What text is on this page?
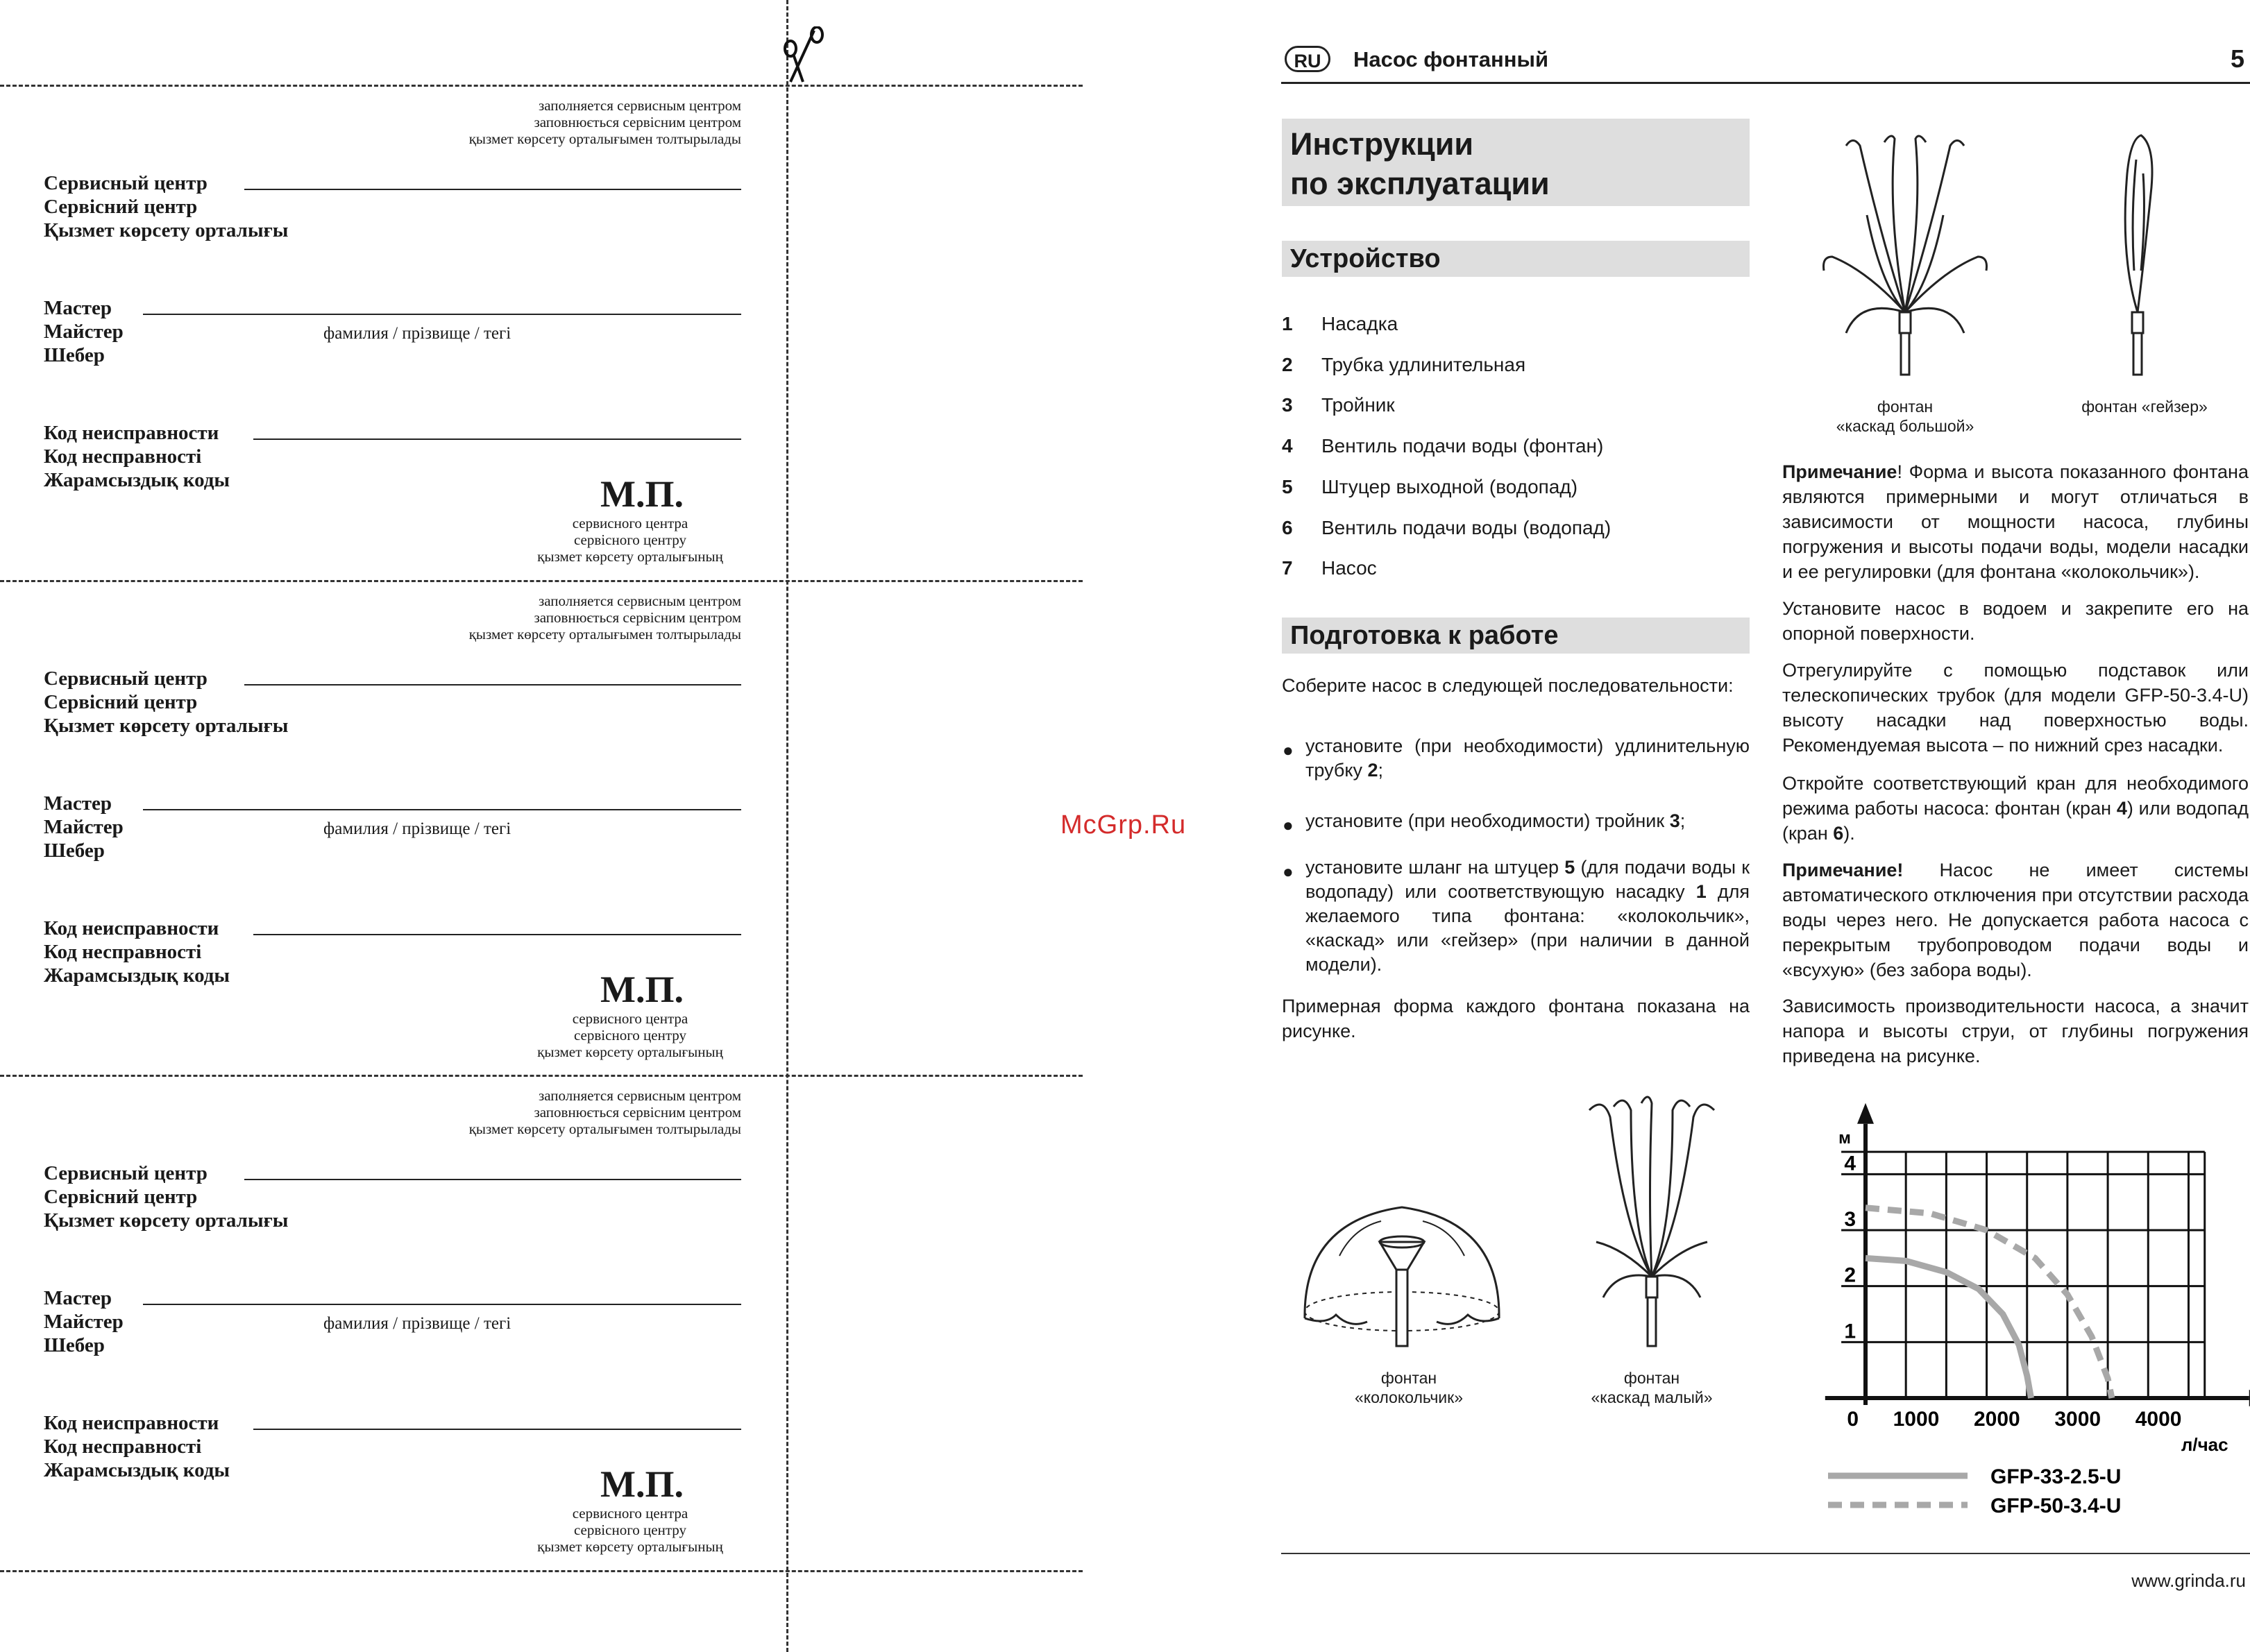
заполняется сервисным центром
заповнюється сервісним центром
қызмет көрсету орталығымен толтырылады
Сервисный центр
Сервісний центр
Қызмет көрсету орталығы
Мастер
Майстер
Шебер
фамилия / прізвище / тегі
Код неисправности
Код несправності
Жарамсыздық коды	М.П.
сервисного центра
сервісного центру
қызмет көрсету орталығының
заполняется сервисным центром
заповнюється сервісним центром
қызмет көрсету орталығымен толтырылады
Сервисный центр
Сервісний центр
Қызмет көрсету орталығы
Мастер
Майстер
Шебер
фамилия / прізвище / тегі
Код неисправности
Код несправності
Жарамсыздық коды	М.П.
сервисного центра
сервісного центру
қызмет көрсету орталығының
заполняется сервисным центром
заповнюється сервісним центром
қызмет көрсету орталығымен толтырылады
Сервисный центр
Сервісний центр
Қызмет көрсету орталығы
Мастер
Майстер
Шебер
фамилия / прізвище / тегі
Код неисправности
Код несправності
Жарамсыздық коды	М.П.
сервисного центра
сервісного центру
қызмет көрсету орталығының
RU	Насос фонтанный	5
Инструкции
по эксплуатации
Устройство
1 Насадка
2 Трубка удлинительная
3 Тройник
4 Вентиль подачи воды (фонтан)
5 Штуцер выходной (водопад)
6 Вентиль подачи воды (водопад)
7 Насос
Подготовка к работе
Соберите насос в следующей последовательности:
● установите (при необходимости) удлинительную трубку 2;
● установите (при необходимости) тройник 3;
● установите шланг на штуцер 5 (для подачи воды к водопаду) или соответствующую насадку 1 для желаемого типа фонтана: «колокольчик», «каскад» или «гейзер» (при наличии в данной модели).
Примерная форма каждого фонтана показана на рисунке.
фонтан
«колокольчик»
фонтан
«каскад малый»
фонтан
«каскад большой»
фонтан «гейзер»
Примечание! Форма и высота показанного фонтана являются примерными и могут отличаться в зависимости от мощности насоса, глубины погружения и высоты подачи воды, модели насадки и ее регулировки (для фонтана «колокольчик»).
Установите насос в водоем и закрепите его на опорной поверхности.
Отрегулируйте с помощью подставок или телескопических трубок (для модели GFP-50-3.4-U) высоту насадки над поверхностью воды. Рекомендуемая высота – по нижний срез насадки.
Откройте соответствующий кран для необходимого режима работы насоса: фонтан (кран 4) или водопад (кран 6).
Примечание! Насос не имеет системы автоматического отключения при отсутствии расхода воды через него. Не допускается работа насоса с перекрытым трубопроводом подачи воды и «всухую» (без забора воды).
Зависимость производительности насоса, а значит напора и высоты струи, от глубины погружения приведена на рисунке.
1
2
3
4
0 1000 2000 3000 4000
м
л/час
GFP-33-2.5-U
GFP-50-3.4-U
McGrp.Ru
www.grinda.ru
